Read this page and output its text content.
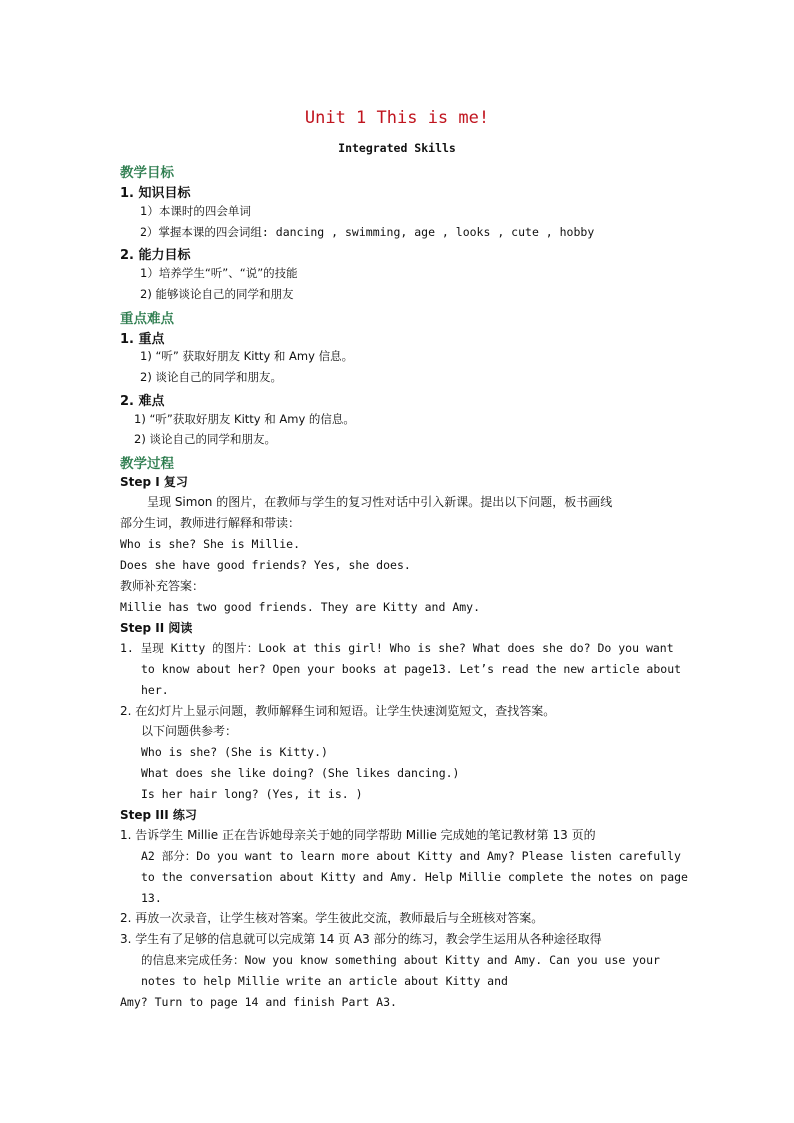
Unit 1 This is me!
Integrated Skills
教学目标
1. 知识目标
1）本课时的四会单词
2）掌握本课的四会词组: dancing , swimming, age , looks , cute , hobby
2. 能力目标
1）培养学生“听”、“说”的技能
2) 能够谈论自己的同学和朋友
重点难点
1. 重点
1) “听” 获取好朋友 Kitty 和 Amy 信息。
2) 谈论自己的同学和朋友。
2. 难点
1) “听”获取好朋友 Kitty 和 Amy 的信息。
2) 谈论自己的同学和朋友。
教学过程
Step I 复习
呈现 Simon 的图片，在教师与学生的复习性对话中引入新课。提出以下问题，板书画线
部分生词，教师进行解释和带读：
Who is she? She is Millie.
Does she have good friends? Yes, she does.
教师补充答案：
Millie has two good friends. They are Kitty and Amy.
Step II 阅读
1. 呈现 Kitty 的图片：Look at this girl! Who is she? What does she do? Do you want
to know about her? Open your books at page13. Let’s read the new article about
her.
2. 在幻灯片上显示问题，教师解释生词和短语。让学生快速浏览短文，查找答案。
以下问题供参考：
Who is she? (She is Kitty.)
What does she like doing? (She likes dancing.)
Is her hair long? (Yes, it is. )
Step III 练习
1. 告诉学生 Millie 正在告诉她母亲关于她的同学帮助 Millie 完成她的笔记教材第 13 页的
A2 部分：Do you want to learn more about Kitty and Amy? Please listen carefully
to the conversation about Kitty and Amy. Help Millie complete the notes on page
13.
2. 再放一次录音，让学生核对答案。学生彼此交流，教师最后与全班核对答案。
3. 学生有了足够的信息就可以完成第 14 页 A3 部分的练习，教会学生运用从各种途径取得
的信息来完成任务：Now you know something about Kitty and Amy. Can you use your
notes to help Millie write an article about Kitty and
Amy? Turn to page 14 and finish Part A3.
